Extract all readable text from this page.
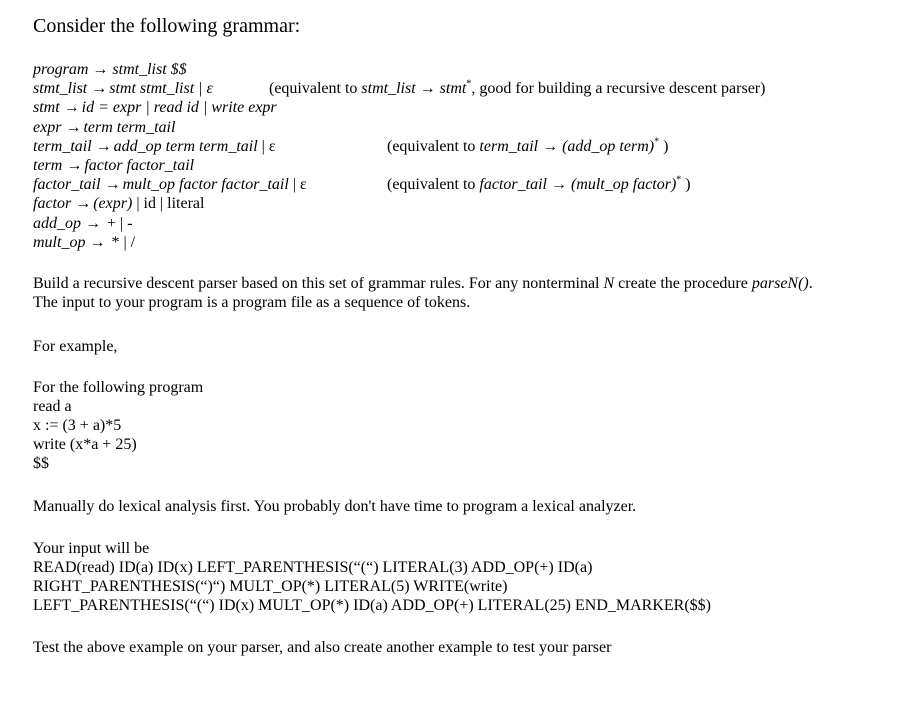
Consider the following grammar:
program → stmt_list $$
stmt_list → stmt stmt_list | ε	(equivalent to stmt_list → stmt*, good for building a recursive descent parser)
stmt → id = expr | read id | write expr
expr → term term_tail
term_tail → add_op term term_tail | ε	(equivalent to term_tail → (add_op term)* )
term → factor factor_tail
factor_tail → mult_op factor factor_tail | ε	(equivalent to factor_tail → (mult_op factor)* )
factor → (expr) | id | literal
add_op → + | -
mult_op → * | /
Build a recursive descent parser based on this set of grammar rules. For any nonterminal N create the procedure parseN().
The input to your program is a program file as a sequence of tokens.
For example,
For the following program
read a
x := (3 + a)*5
write (x*a + 25)
$$
Manually do lexical analysis first. You probably don't have time to program a lexical analyzer.
Your input will be
READ(read) ID(a) ID(x) LEFT_PARENTHESIS(“(“) LITERAL(3) ADD_OP(+) ID(a)
RIGHT_PARENTHESIS(“)“) MULT_OP(*) LITERAL(5) WRITE(write)
LEFT_PARENTHESIS(“(“) ID(x) MULT_OP(*) ID(a) ADD_OP(+) LITERAL(25) END_MARKER($$)
Test the above example on your parser, and also create another example to test your parser
